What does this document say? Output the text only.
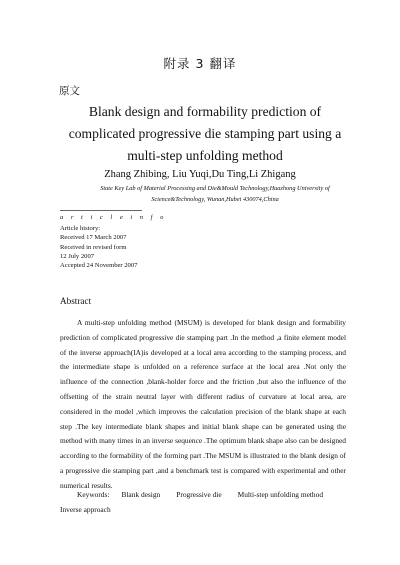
附录 3 翻译
原文
Blank design and formability prediction of
complicated progressive die stamping part using a
multi-step unfolding method
Zhang Zhibing, Liu Yuqi,Du Ting,Li Zhigang
State Key Lab of Material Processing and Die&Mould Technology,Huazhong University of
Science&Technology, Wunan,Hubei 430074,China
a r t i c l e i n f o
Article history:
Received 17 March 2007
Received in revised form
12 July 2007
Accepted 24 November 2007
Abstract
A multi-step unfolding method (MSUM) is developed for blank design and formability prediction of complicated progressive die stamping part .In the method ,a finite element model of the inverse approach(IA)is developed at a local area according to the stamping process, and the intermediate shape is unfolded on a reference surface at the local area .Not only the influence of the connection ,blank-holder force and the friction ,but also the influence of the offsetting of the strain neutral layer with different radius of curvature at local area, are considered in the model ,which improves the calculation precision of the blank shape at each step .The key intermediate blank shapes and initial blank shape can be generated using the method with many times in an inverse sequence .The optimum blank shape also can be designed according to the formability of the forming part .The MSUM is illustrated to the blank design of a progressive die stamping part ,and a benchmark test is compared with experimental and other numerical results.
Keywords: Blank design Progressive die Multi-step unfolding method
Inverse approach
